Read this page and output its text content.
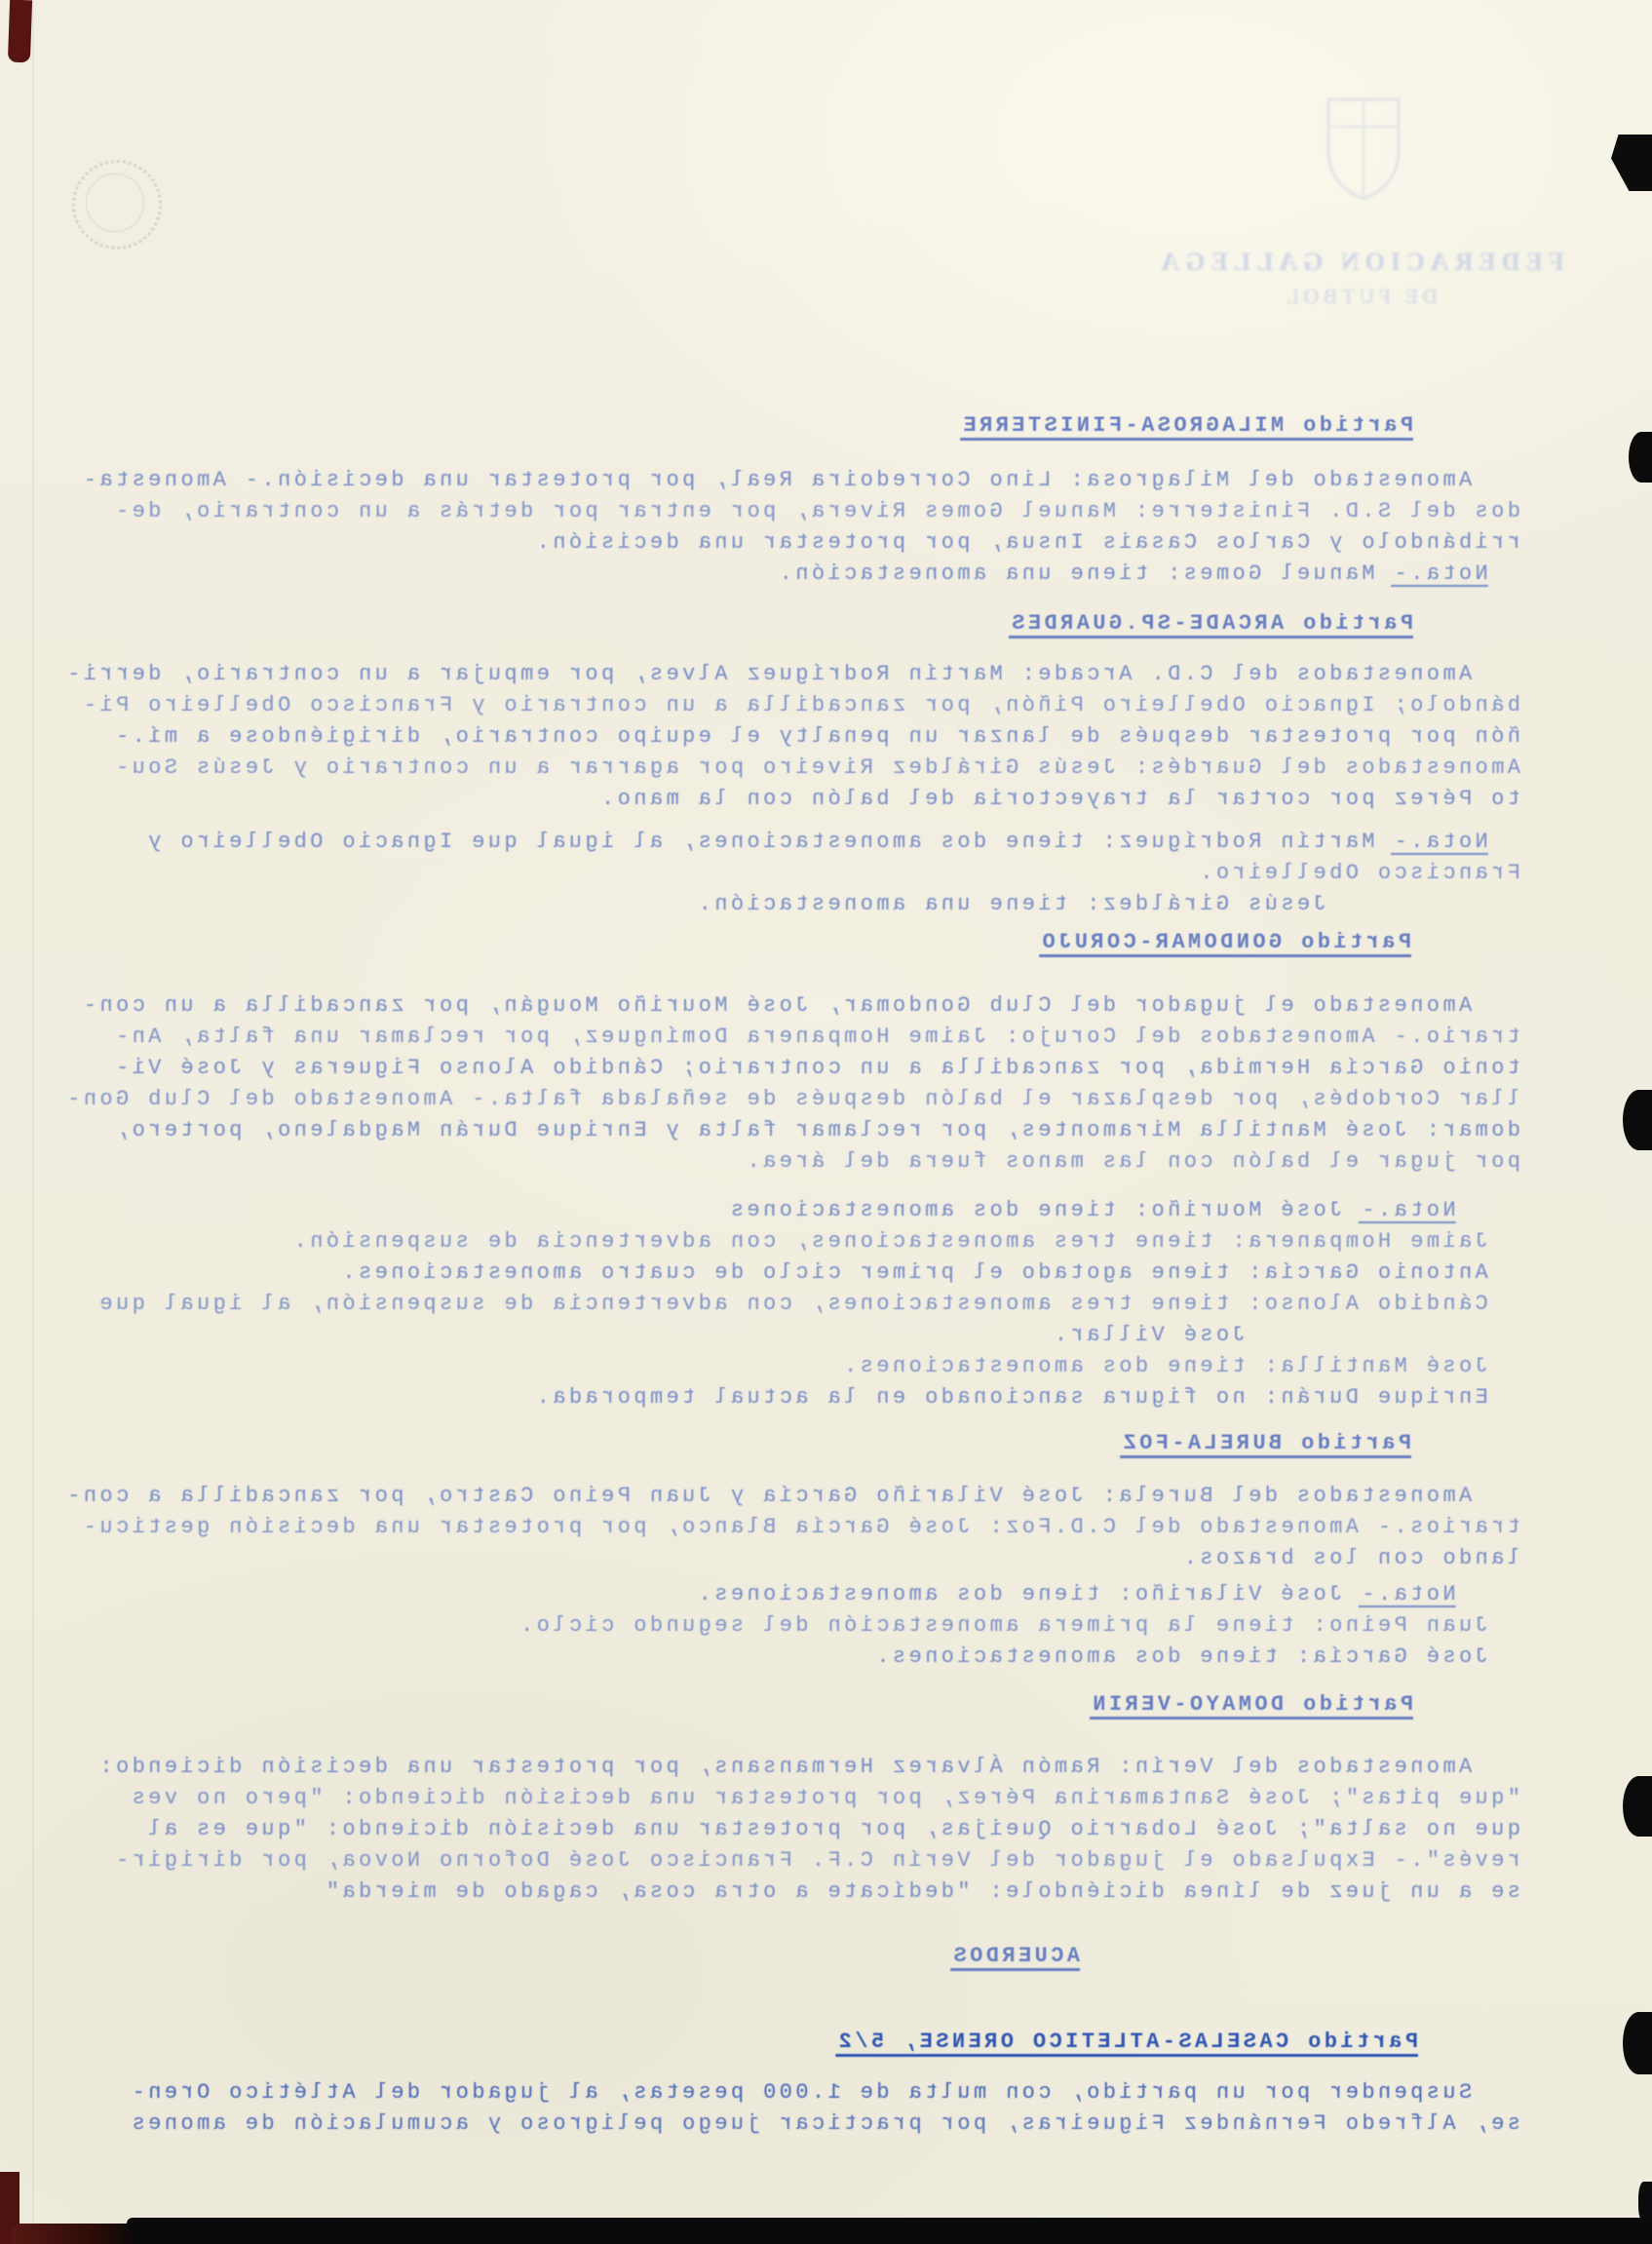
FEDERACION GALLEGA
DE FUTBOL
Partido MILAGROSA-FINISTERRE
Amonestado del Milagrosa: Lino Corredoira Real, por protestar una decisión.- Amonesta-
dos del S.D. Finisterre: Manuel Gomes Rivera, por entrar por detrás a un contrario, de-
rribándolo y Carlos Casais Insua, por protestar una decisión.
Nota.- Manuel Gomes: tiene una amonestación.
Partido ARCADE-SP.GUARDES
Amonestados del C.D. Arcade: Martín Rodríguez Alves, por empujar a un contrario, derri-
bándolo; Ignacio Obelleiro Piñón, por zancadilla a un contrario y Francisco Obelleiro Pi-
ñón por protestar después de lanzar un penalty el equipo contrario, dirigiéndose a mí.-
Amonestados del Guardés: Jesús Giráldez Riveiro por agarrar a un contrario y Jesús Sou-
to Pérez por cortar la trayectoria del balón con la mano.
Nota.- Martín Rodríguez: tiene dos amonestaciones, al igual que Ignacio Obelleiro y
Francisco Obelleiro.
Jesús Giráldez: tiene una amonestación.
Partido GONDOMAR-CORUJO
Amonestado el jugador del Club Gondomar, José Mouriño Mougán, por zancadilla a un con-
trario.- Amonestados del Corujo: Jaime Hompanera Domínguez, por reclamar una falta, An-
tonio García Hermida, por zancadilla a un contrario; Cándido Alonso Figueras y José Vi-
llar Cordobés, por desplazar el balón después de señalada falta.- Amonestado del Club Gon-
domar: José Mantilla Miramontes, por reclamar falta y Enrique Durán Magdaleno, portero,
por jugar el balón con las manos fuera del área.
Nota.- José Mouriño: tiene dos amonestaciones
Jaime Hompanera: tiene tres amonestaciones, con advertencia de suspensión.
Antonio García: tiene agotado el primer ciclo de cuatro amonestaciones.
Cándido Alonso: tiene tres amonestaciones, con advertencia de suspensión, al igual que
José Villar.
José Mantilla: tiene dos amonestaciones.
Enrique Durán: no figura sancionado en la actual temporada.
Partido BURELA-FOZ
Amonestados del Burela: José Vilariño García y Juan Peino Castro, por zancadilla a con-
trarios.- Amonestado del C.D.Foz: José García Blanco, por protestar una decisión gesticu-
lando con los brazos.
Nota.- José Vilariño: tiene dos amonestaciones.
Juan Peino: tiene la primera amonestación del segundo ciclo.
José García: tiene dos amonestaciones.
Partido DOMAYO-VERIN
Amonestados del Verín: Ramón Álvarez Hermansans, por protestar una decisión diciendo:
"que pitas"; José Santamarina Pérez, por protestar una decisión diciendo: "pero no ves
que no salta"; José Lobarrio Queijas, por protestar una decisión diciendo: "que es al
revés".- Expulsado el jugador del Verín C.F. Francisco José Doforno Novoa, por dirigir-
se a un juez de línea diciéndole: "dedícate a otra cosa, cagado de mierda"
ACUERDOS
Partido CASELAS-ATLETICO ORENSE, 5/2
Suspender por un partido, con multa de 1.000 pesetas, al jugador del Atlético Oren-
se, Alfredo Fernández Figueiras, por practicar juego peligroso y acumulación de amones
